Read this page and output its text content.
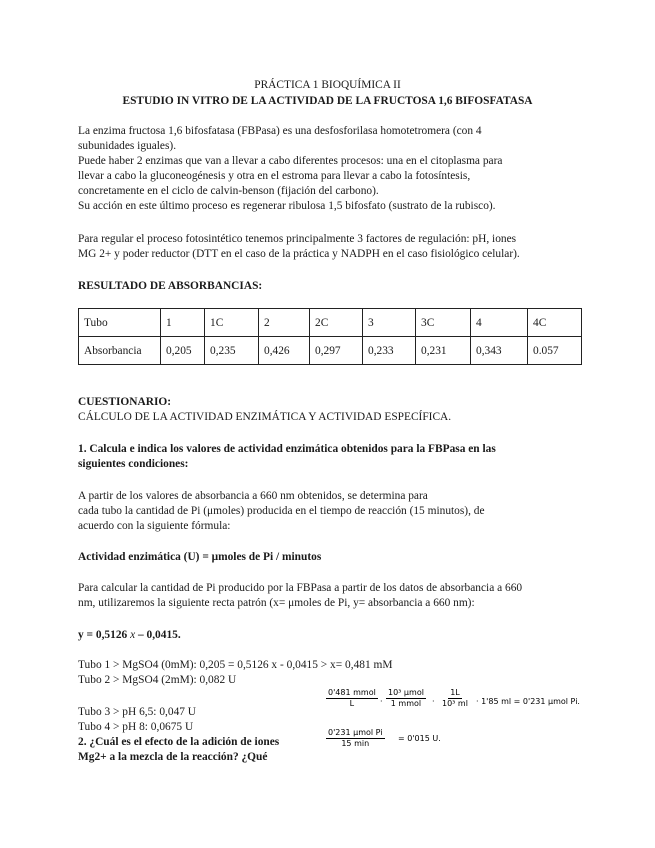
PRÁCTICA 1 BIOQUÍMICA II
ESTUDIO IN VITRO DE LA ACTIVIDAD DE LA FRUCTOSA 1,6 BIFOSFATASA
La enzima fructosa 1,6 bifosfatasa (FBPasa) es una desfosforilasa homotetromera (con 4
subunidades iguales).
Puede haber 2 enzimas que van a llevar a cabo diferentes procesos: una en el citoplasma para
llevar a cabo la gluconeogénesis y otra en el estroma para llevar a cabo la fotosíntesis,
concretamente en el ciclo de calvin-benson (fijación del carbono).
Su acción en este último proceso es regenerar ribulosa 1,5 bifosfato (sustrato de la rubisco).
Para regular el proceso fotosintético tenemos principalmente 3 factores de regulación: pH, iones
MG 2+ y poder reductor (DTT en el caso de la práctica y NADPH en el caso fisiológico celular).
RESULTADO DE ABSORBANCIAS:
Tubo	1	1C	2	2C	3	3C	4	4C
Absorbancia	0,205	0,235	0,426	0,297	0,233	0,231	0,343	0.057
CUESTIONARIO:
CÁLCULO DE LA ACTIVIDAD ENZIMÁTICA Y ACTIVIDAD ESPECÍFICA.
1. Calcula e indica los valores de actividad enzimática obtenidos para la FBPasa en las
siguientes condiciones:
A partir de los valores de absorbancia a 660 nm obtenidos, se determina para
cada tubo la cantidad de Pi (μmoles) producida en el tiempo de reacción (15 minutos), de
acuerdo con la siguiente fórmula:
Actividad enzimática (U) = μmoles de Pi / minutos
Para calcular la cantidad de Pi producido por la FBPasa a partir de los datos de absorbancia a 660
nm, utilizaremos la siguiente recta patrón (x= μmoles de Pi, y= absorbancia a 660 nm):
y = 0,5126 x – 0,0415.
Tubo 1 > MgSO4 (0mM): 0,205 = 0,5126 x - 0,0415 > x= 0,481 mM
Tubo 2 > MgSO4 (2mM): 0,082 U
Tubo 3 > pH 6,5: 0,047 U
Tubo 4 > pH 8: 0,0675 U
2. ¿Cuál es el efecto de la adición de iones
Mg2+ a la mezcla de la reacción? ¿Qué
0'481 mmol
L	·
10³ μmol
1 mmol · $\frac{1L}{\text{10³ ml}} \cdot 1'85$ ml = 0'231 μmol Pi.
0'231 μmol Pi
15 min
= 0'015 U.
